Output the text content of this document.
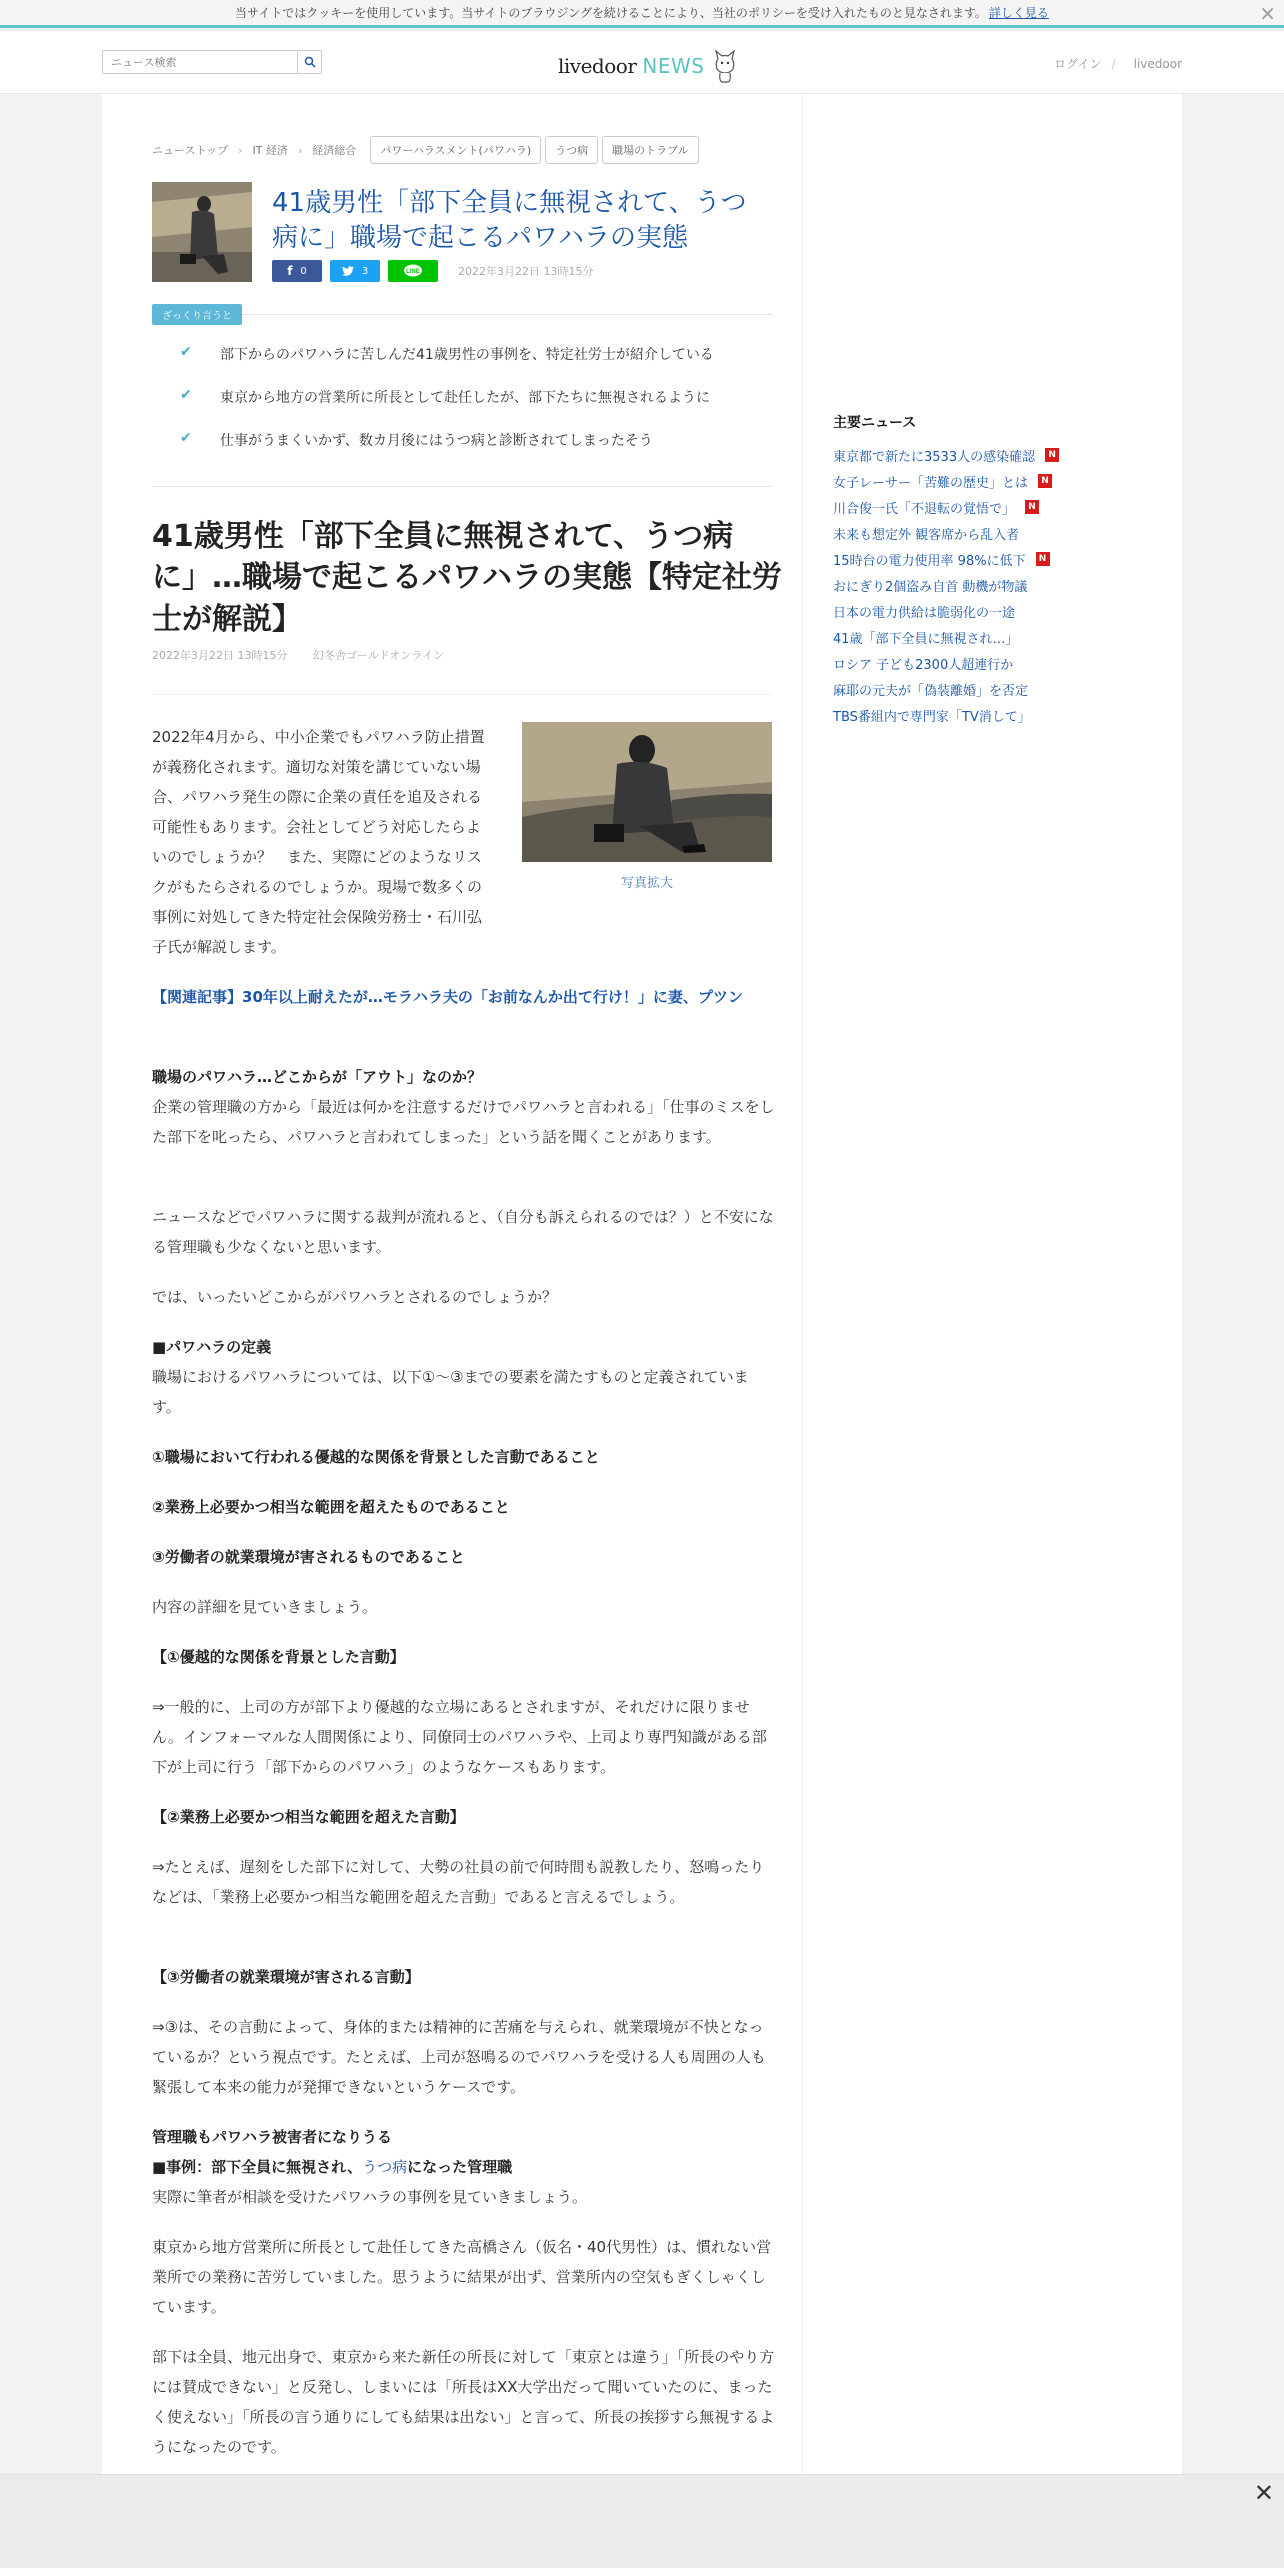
当サイトではクッキーを使用しています。当サイトのブラウジングを続けることにより、当社のポリシーを受け入れたものと見なされます。 詳しく見る	×
ニュース検索
livedoor NEWS	ログイン / livedoor
ニューストップ › IT 経済 › 経済総合	パワーハラスメント(パワハラ)	うつ病	職場のトラブル
41歳男性「部下全員に無視されて、うつ病に」職場で起こるパワハラの実態
f 0	3	LINE	2022年3月22日 13時15分
ざっくり言うと
✔	部下からのパワハラに苦しんだ41歳男性の事例を、特定社労士が紹介している
✔	東京から地方の営業所に所長として赴任したが、部下たちに無視されるように
✔	仕事がうまくいかず、数カ月後にはうつ病と診断されてしまったそう
41歳男性「部下全員に無視されて、うつ病に」…職場で起こるパワハラの実態【特定社労士が解説】
2022年3月22日 13時15分 幻冬舎ゴールドオンライン
写真拡大

2022年4月から、中小企業でもパワハラ防止措置が義務化されます。適切な対策を講じていない場合、パワハラ発生の際に企業の責任を追及される可能性もあります。会社としてどう対応したらよいのでしょうか？　また、実際にどのようなリスクがもたらされるのでしょうか。現場で数多くの事例に対処してきた特定社会保険労務士・石川弘子氏が解説します。

【関連記事】30年以上耐えたが…モラハラ夫の「お前なんか出て行け！」に妻、プツン

職場のパワハラ…どこからが「アウト」なのか？

企業の管理職の方から「最近は何かを注意するだけでパワハラと言われる」「仕事のミスをした部下を叱ったら、パワハラと言われてしまった」という話を聞くことがあります。

ニュースなどでパワハラに関する裁判が流れると、（自分も訴えられるのでは？）と不安になる管理職も少なくないと思います。

では、いったいどこからがパワハラとされるのでしょうか？

■パワハラの定義

職場におけるパワハラについては、以下①～③までの要素を満たすものと定義されています。

①職場において行われる優越的な関係を背景とした言動であること

②業務上必要かつ相当な範囲を超えたものであること

③労働者の就業環境が害されるものであること

内容の詳細を見ていきましょう。

【①優越的な関係を背景とした言動】

⇒一般的に、上司の方が部下より優越的な立場にあるとされますが、それだけに限りません。インフォーマルな人間関係により、同僚同士のパワハラや、上司より専門知識がある部下が上司に行う「部下からのパワハラ」のようなケースもあります。

【②業務上必要かつ相当な範囲を超えた言動】

⇒たとえば、遅刻をした部下に対して、大勢の社員の前で何時間も説教したり、怒鳴ったりなどは、「業務上必要かつ相当な範囲を超えた言動」であると言えるでしょう。

【③労働者の就業環境が害される言動】

⇒③は、その言動によって、身体的または精神的に苦痛を与えられ、就業環境が不快となっているか？という視点です。たとえば、上司が怒鳴るのでパワハラを受ける人も周囲の人も緊張して本来の能力が発揮できないというケースです。

管理職もパワハラ被害者になりうる

■事例：部下全員に無視され、うつ病になった管理職

実際に筆者が相談を受けたパワハラの事例を見ていきましょう。

東京から地方営業所に所長として赴任してきた高橋さん（仮名・40代男性）は、慣れない営業所での業務に苦労していました。思うように結果が出ず、営業所内の空気もぎくしゃくしています。

部下は全員、地元出身で、東京から来た新任の所長に対して「東京とは違う」「所長のやり方には賛成できない」と反発し、しまいには「所長はXX大学出だって聞いていたのに、まったく使えない」「所長の言う通りにしても結果は出ない」と言って、所長の挨拶すら無視するようになったのです。

主要ニュース
東京都で新たに3533人の感染確認	N
女子レーサー「苦難の歴史」とは	N
川合俊一氏「不退転の覚悟で」	N
未来も想定外 観客席から乱入者
15時台の電力使用率 98%に低下	N
おにぎり2個盗み自首 動機が物議
日本の電力供給は脆弱化の一途
41歳「部下全員に無視され…」
ロシア 子ども2300人超連行か
麻耶の元夫が「偽装離婚」を否定
TBS番組内で専門家「TV消して」
✕
